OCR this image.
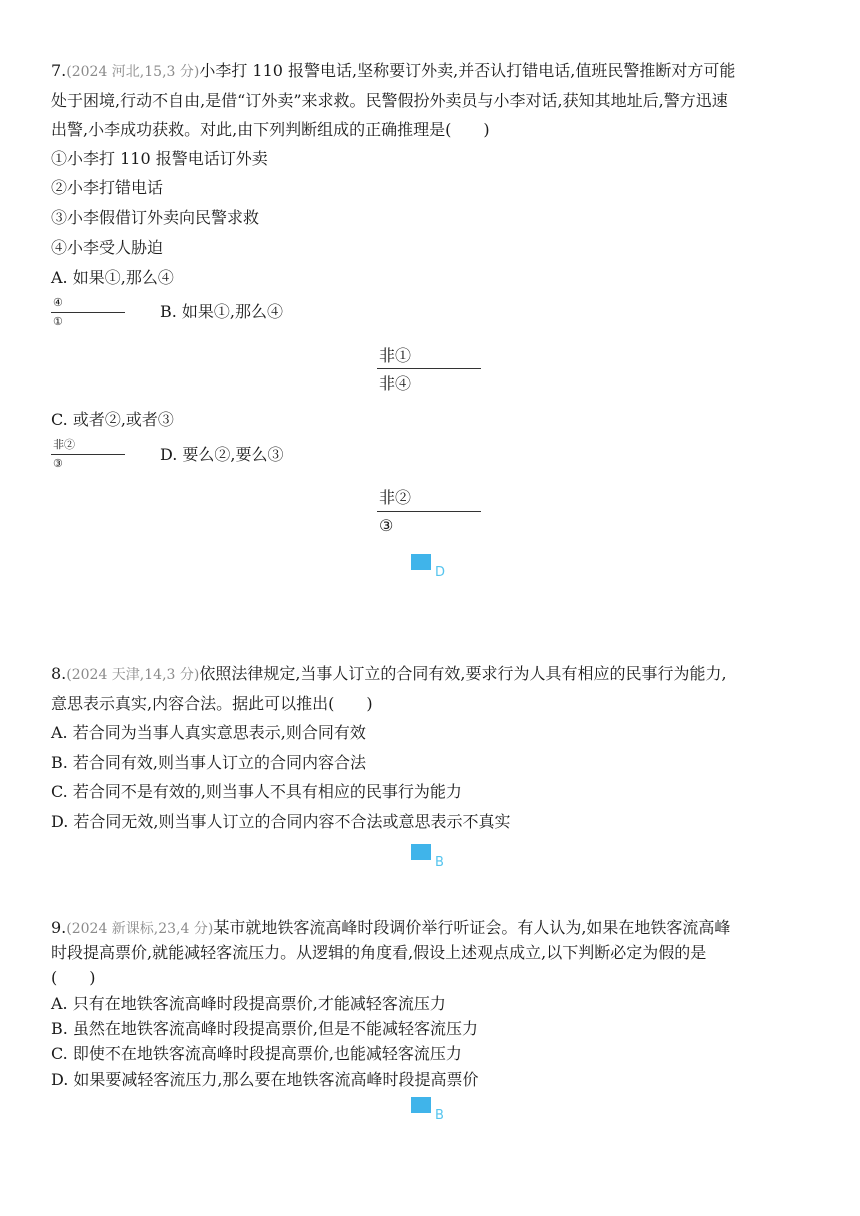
7.(2024 河北,15,3 分)小李打 110 报警电话,坚称要订外卖,并否认打错电话,值班民警推断对方可能
处于困境,行动不自由,是借“订外卖”来求救。民警假扮外卖员与小李对话,获知其地址后,警方迅速
出警,小李成功获救。对此,由下列判断组成的正确推理是(　　)
①小李打 110 报警电话订外卖
②小李打错电话
③小李假借订外卖向民警求救
④小李受人胁迫
A. 如果①,那么④
④
①
B. 如果①,那么④
非①
非④
C. 或者②,或者③
非②
③	D. 要么②,要么③
非②
③
D
8.(2024 天津,14,3 分)依照法律规定,当事人订立的合同有效,要求行为人具有相应的民事行为能力,
意思表示真实,内容合法。据此可以推出(　　)
A. 若合同为当事人真实意思表示,则合同有效
B. 若合同有效,则当事人订立的合同内容合法
C. 若合同不是有效的,则当事人不具有相应的民事行为能力
D. 若合同无效,则当事人订立的合同内容不合法或意思表示不真实
B
9.(2024 新课标,23,4 分)某市就地铁客流高峰时段调价举行听证会。有人认为,如果在地铁客流高峰
时段提高票价,就能减轻客流压力。从逻辑的角度看,假设上述观点成立,以下判断必定为假的是
(　　)
A. 只有在地铁客流高峰时段提高票价,才能减轻客流压力
B. 虽然在地铁客流高峰时段提高票价,但是不能减轻客流压力
C. 即使不在地铁客流高峰时段提高票价,也能减轻客流压力
D. 如果要减轻客流压力,那么要在地铁客流高峰时段提高票价
B
